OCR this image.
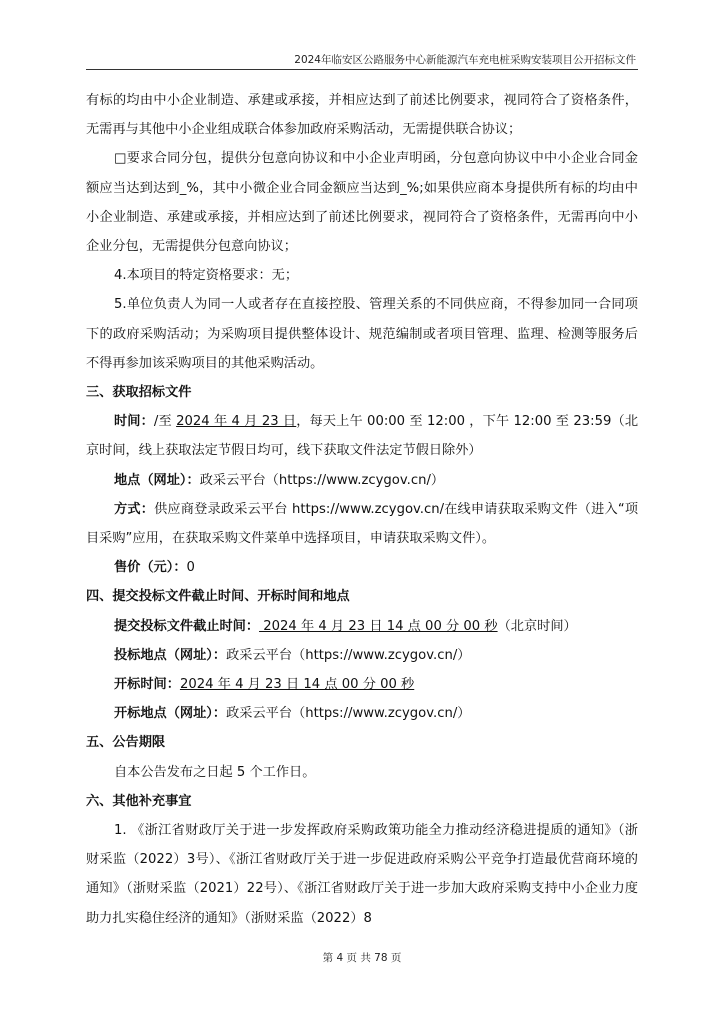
2024年临安区公路服务中心新能源汽车充电桩采购安装项目公开招标文件

有标的均由中小企业制造、承建或承接，并相应达到了前述比例要求，视同符合了资格条件，无需再与其他中小企业组成联合体参加政府采购活动，无需提供联合协议；

□要求合同分包，提供分包意向协议和中小企业声明函，分包意向协议中中小企业合同金额应当达到达到_%，其中小微企业合同金额应当达到_%;如果供应商本身提供所有标的均由中小企业制造、承建或承接，并相应达到了前述比例要求，视同符合了资格条件，无需再向中小企业分包，无需提供分包意向协议；

4.本项目的特定资格要求：无；

5.单位负责人为同一人或者存在直接控股、管理关系的不同供应商，不得参加同一合同项下的政府采购活动；为采购项目提供整体设计、规范编制或者项目管理、监理、检测等服务后不得再参加该采购项目的其他采购活动。

三、获取招标文件

时间：/至 2024 年 4 月 23 日，每天上午 00:00 至 12:00 ，下午 12:00 至 23:59（北京时间，线上获取法定节假日均可，线下获取文件法定节假日除外）

地点（网址）：政采云平台（https://www.zcygov.cn/）

方式：供应商登录政采云平台 https://www.zcygov.cn/在线申请获取采购文件（进入“项目采购”应用，在获取采购文件菜单中选择项目，申请获取采购文件）。

售价（元）：0

四、提交投标文件截止时间、开标时间和地点

提交投标文件截止时间： 2024 年 4 月 23 日 14 点 00 分 00 秒（北京时间）

投标地点（网址）：政采云平台（https://www.zcygov.cn/）

开标时间：2024 年 4 月 23 日 14 点 00 分 00 秒

开标地点（网址）：政采云平台（https://www.zcygov.cn/）

五、公告期限

自本公告发布之日起 5 个工作日。

六、其他补充事宜

1. 《浙江省财政厅关于进一步发挥政府采购政策功能全力推动经济稳进提质的通知》（浙财采监（2022）3号）、《浙江省财政厅关于进一步促进政府采购公平竞争打造最优营商环境的通知》（浙财采监（2021）22号）、《浙江省财政厅关于进一步加大政府采购支持中小企业力度助力扎实稳住经济的通知》（浙财采监（2022）8

第 4 页 共 78 页
